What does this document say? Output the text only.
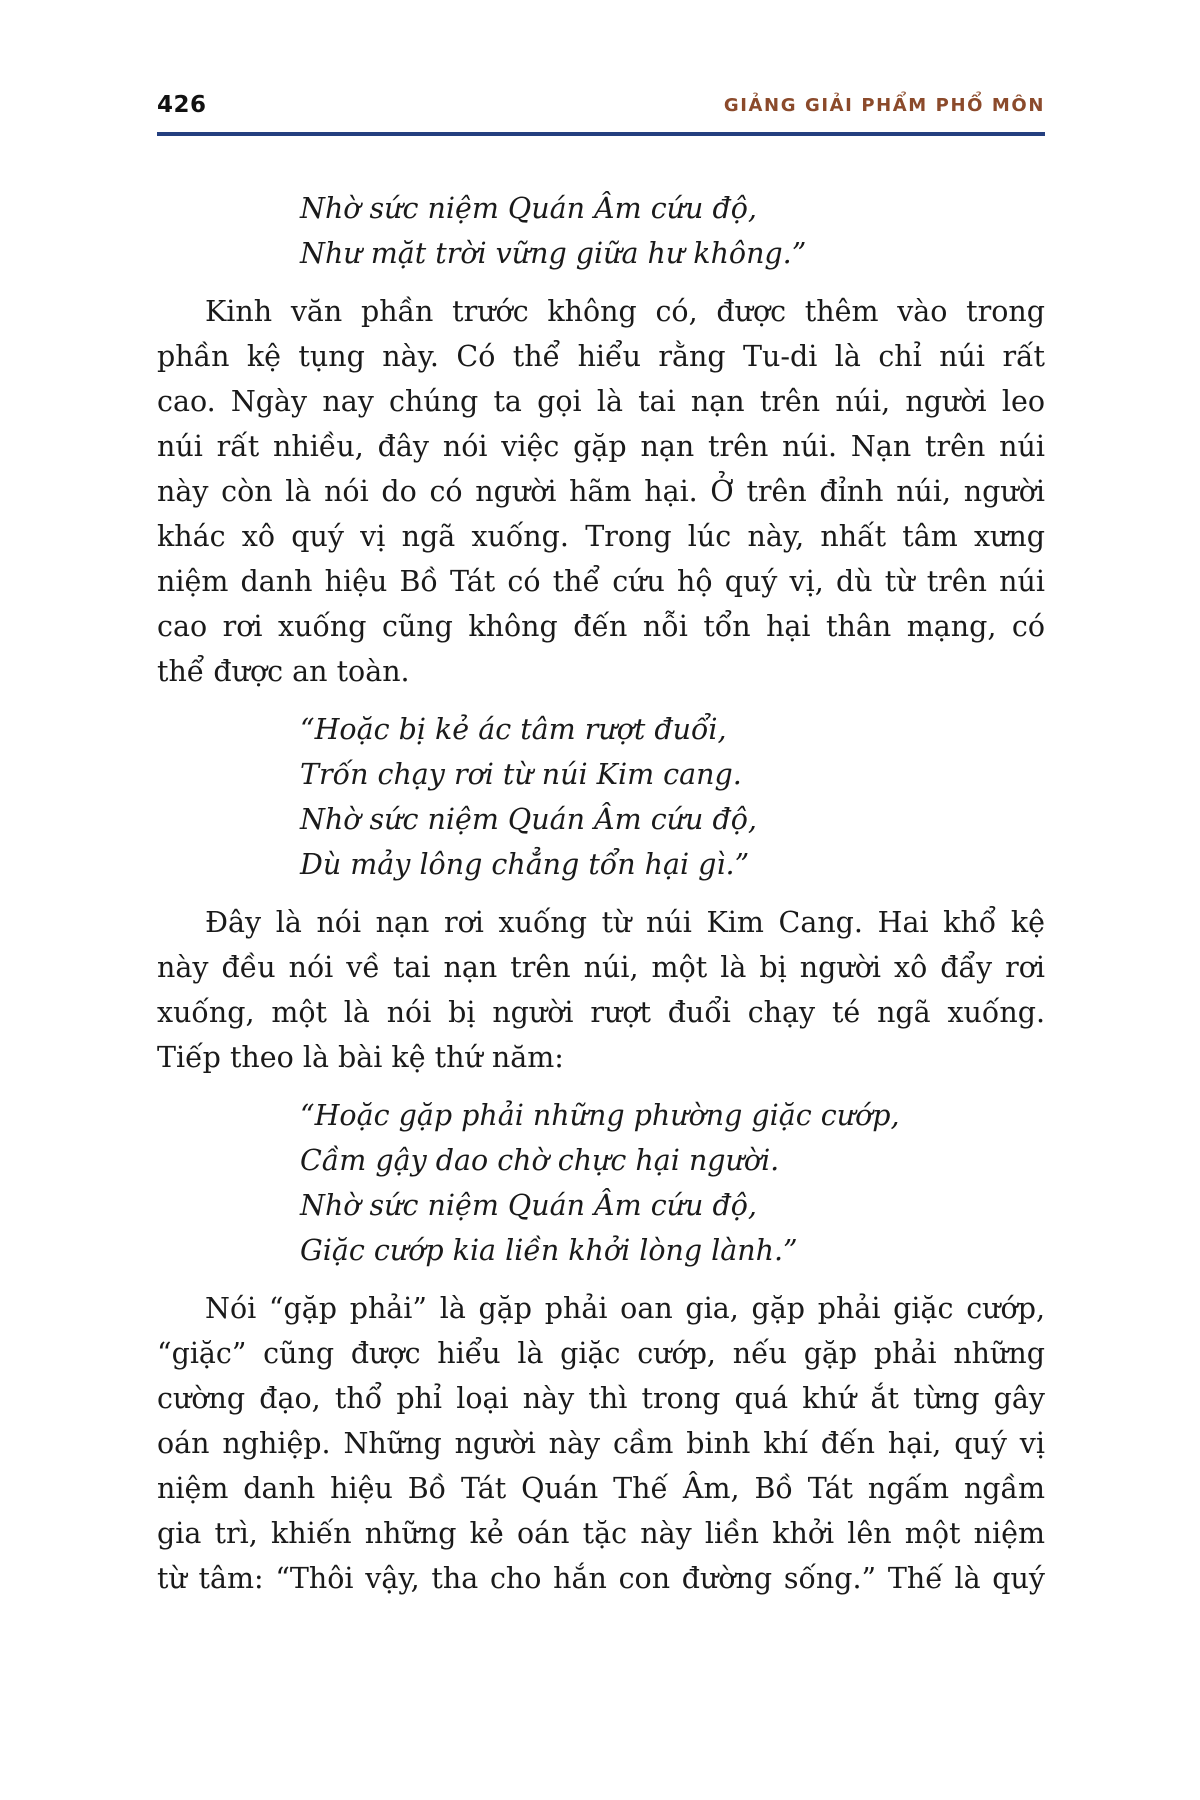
426	GIẢNG GIẢI PHẨM PHỔ MÔN
Nhờ sức niệm Quán Âm cứu độ,
Như mặt trời vững giữa hư không.”
Kinh văn phần trước không có, được thêm vào trong
phần kệ tụng này. Có thể hiểu rằng Tu-di là chỉ núi rất
cao. Ngày nay chúng ta gọi là tai nạn trên núi, người leo
núi rất nhiều, đây nói việc gặp nạn trên núi. Nạn trên núi
này còn là nói do có người hãm hại. Ở trên đỉnh núi, người
khác xô quý vị ngã xuống. Trong lúc này, nhất tâm xưng
niệm danh hiệu Bồ Tát có thể cứu hộ quý vị, dù từ trên núi
cao rơi xuống cũng không đến nỗi tổn hại thân mạng, có
thể được an toàn.
“Hoặc bị kẻ ác tâm rượt đuổi,
Trốn chạy rơi từ núi Kim cang.
Nhờ sức niệm Quán Âm cứu độ,
Dù mảy lông chẳng tổn hại gì.”
Đây là nói nạn rơi xuống từ núi Kim Cang. Hai khổ kệ
này đều nói về tai nạn trên núi, một là bị người xô đẩy rơi
xuống, một là nói bị người rượt đuổi chạy té ngã xuống.
Tiếp theo là bài kệ thứ năm:
“Hoặc gặp phải những phường giặc cướp,
Cầm gậy dao chờ chực hại người.
Nhờ sức niệm Quán Âm cứu độ,
Giặc cướp kia liền khởi lòng lành.”
Nói “gặp phải” là gặp phải oan gia, gặp phải giặc cướp,
“giặc” cũng được hiểu là giặc cướp, nếu gặp phải những
cường đạo, thổ phỉ loại này thì trong quá khứ ắt từng gây
oán nghiệp. Những người này cầm binh khí đến hại, quý vị
niệm danh hiệu Bồ Tát Quán Thế Âm, Bồ Tát ngấm ngầm
gia trì, khiến những kẻ oán tặc này liền khởi lên một niệm
từ tâm: “Thôi vậy, tha cho hắn con đường sống.” Thế là quý
